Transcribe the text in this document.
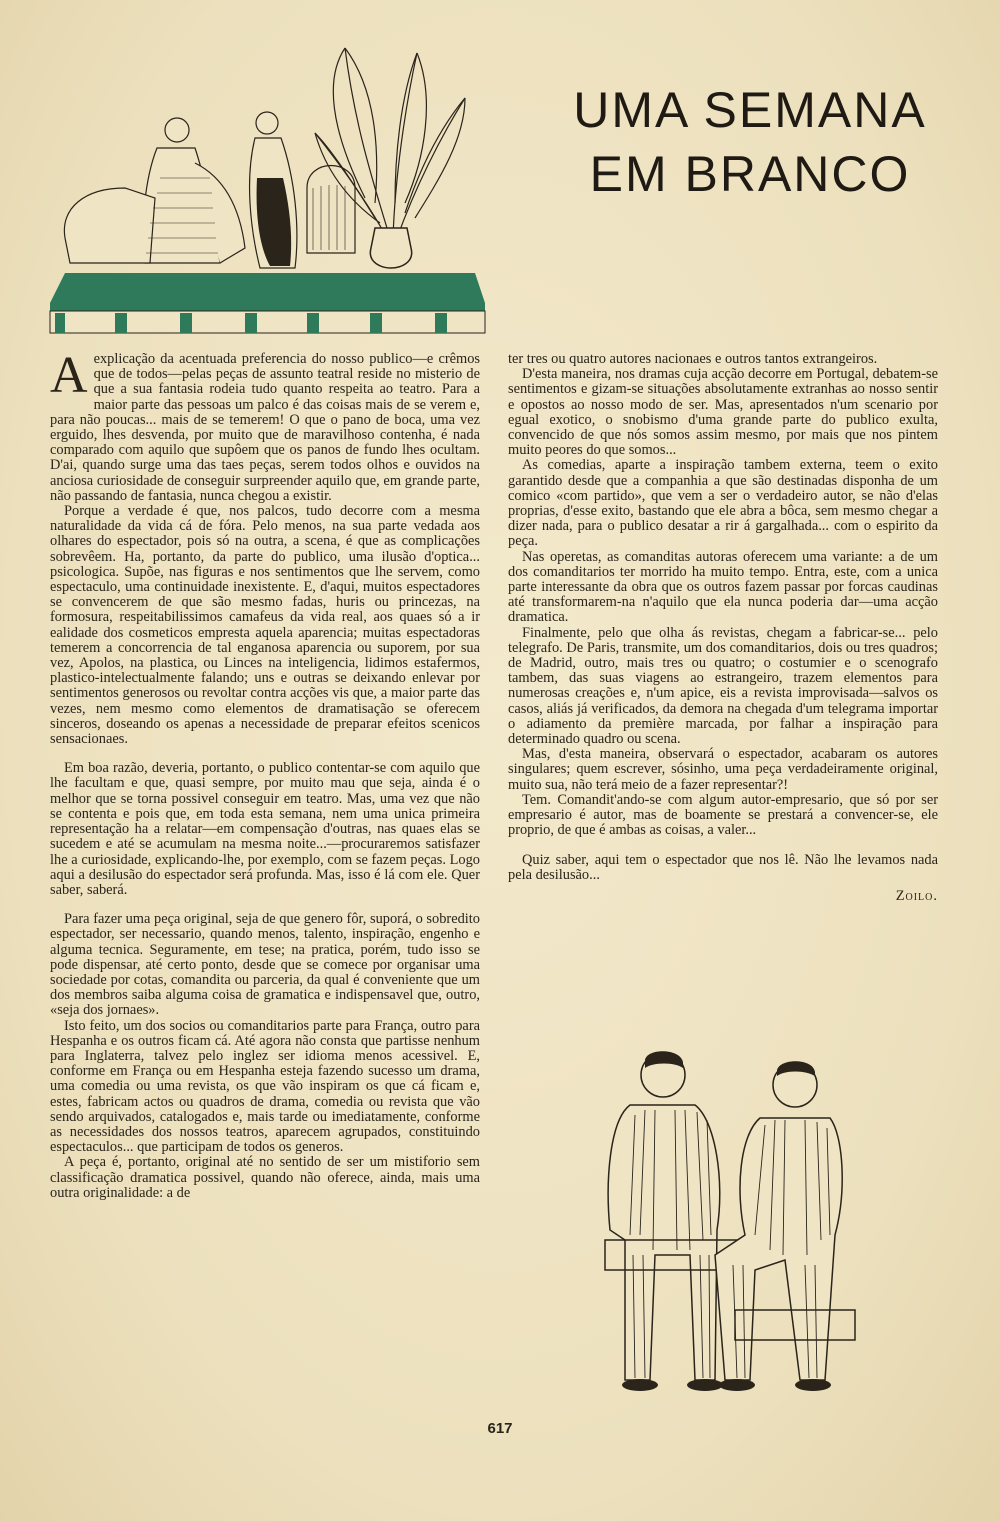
UMA SEMANA
EM BRANCO

Aexplicação da acentuada preferencia do nosso publico—e crêmos que de todos—pelas peças de assunto teatral reside no misterio de que a sua fantasia rodeia tudo quanto respeita ao teatro. Para a maior parte das pessoas um palco é das coisas mais de se verem e, para não poucas... mais de se temerem! O que o pano de boca, uma vez erguido, lhes desvenda, por muito que de maravilhoso contenha, é nada comparado com aquilo que supôem que os panos de fundo lhes ocultam. D'ai, quando surge uma das taes peças, serem todos olhos e ouvidos na anciosa curiosidade de conseguir surpreender aquilo que, em grande parte, não passando de fantasia, nunca chegou a existir.

Porque a verdade é que, nos palcos, tudo decorre com a mesma naturalidade da vida cá de fóra. Pelo menos, na sua parte vedada aos olhares do espectador, pois só na outra, a scena, é que as complicações sobrevêem. Ha, portanto, da parte do publico, uma ilusão d'optica... psicologica. Supõe, nas figuras e nos sentimentos que lhe servem, como espectaculo, uma continuidade inexistente. E, d'aqui, muitos espectadores se convencerem de que são mesmo fadas, huris ou princezas, na formosura, respeitabilissimos camafeus da vida real, aos quaes só a ir ealidade dos cosmeticos empresta aquela aparencia; muitas espectadoras temerem a concorrencia de tal enganosa aparencia ou suporem, por sua vez, Apolos, na plastica, ou Linces na inteligencia, lidimos estafermos, plastico-intelectualmente falando; uns e outras se deixando enlevar por sentimentos generosos ou revoltar contra acções vis que, a maior parte das vezes, nem mesmo como elementos de dramatisação se oferecem sinceros, doseando os apenas a necessidade de preparar efeitos scenicos sensacionaes.

Em boa razão, deveria, portanto, o publico contentar-se com aquilo que lhe facultam e que, quasi sempre, por muito mau que seja, ainda é o melhor que se torna possivel conseguir em teatro. Mas, uma vez que não se contenta e pois que, em toda esta semana, nem uma unica primeira representação ha a relatar—em compensação d'outras, nas quaes elas se sucedem e até se acumulam na mesma noite...—procuraremos satisfazer lhe a curiosidade, explicando-lhe, por exemplo, com se fazem peças. Logo aqui a desilusão do espectador será profunda. Mas, isso é lá com ele. Quer saber, saberá.

Para fazer uma peça original, seja de que genero fôr, suporá, o sobredito espectador, ser necessario, quando menos, talento, inspiração, engenho e alguma tecnica. Seguramente, em tese; na pratica, porém, tudo isso se pode dispensar, até certo ponto, desde que se comece por organisar uma sociedade por cotas, comandita ou parceria, da qual é conveniente que um dos membros saiba alguma coisa de gramatica e indispensavel que, outro, «seja dos jornaes».

Isto feito, um dos socios ou comanditarios parte para França, outro para Hespanha e os outros ficam cá. Até agora não consta que partisse nenhum para Inglaterra, talvez pelo inglez ser idioma menos acessivel. E, conforme em França ou em Hespanha esteja fazendo sucesso um drama, uma comedia ou uma revista, os que vão inspiram os que cá ficam e, estes, fabricam actos ou quadros de drama, comedia ou revista que vão sendo arquivados, catalogados e, mais tarde ou imediatamente, conforme as necessidades dos nossos teatros, aparecem agrupados, constituindo espectaculos... que participam de todos os generos.

A peça é, portanto, original até no sentido de ser um mistiforio sem classificação dramatica possivel, quando não oferece, ainda, mais uma outra originalidade: a de

ter tres ou quatro autores nacionaes e outros tantos extrangeiros.

D'esta maneira, nos dramas cuja acção decorre em Portugal, debatem-se sentimentos e gizam-se situações absolutamente extranhas ao nosso sentir e opostos ao nosso modo de ser. Mas, apresentados n'um scenario por egual exotico, o snobismo d'uma grande parte do publico exulta, convencido de que nós somos assim mesmo, por mais que nos pintem muito peores do que somos...

As comedias, aparte a inspiração tambem externa, teem o exito garantido desde que a companhia a que são destinadas disponha de um comico «com partido», que vem a ser o verdadeiro autor, se não d'elas proprias, d'esse exito, bastando que ele abra a bôca, sem mesmo chegar a dizer nada, para o publico desatar a rir á gargalhada... com o espirito da peça.

Nas operetas, as comanditas autoras oferecem uma variante: a de um dos comanditarios ter morrido ha muito tempo. Entra, este, com a unica parte interessante da obra que os outros fazem passar por forcas caudinas até transformarem-na n'aquilo que ela nunca poderia dar—uma acção dramatica.

Finalmente, pelo que olha ás revistas, chegam a fabricar-se... pelo telegrafo. De Paris, transmite, um dos comanditarios, dois ou tres quadros; de Madrid, outro, mais tres ou quatro; o costumier e o scenografo tambem, das suas viagens ao estrangeiro, trazem elementos para numerosas creações e, n'um apice, eis a revista improvisada—salvos os casos, aliás já verificados, da demora na chegada d'um telegrama importar o adiamento da première marcada, por falhar a inspiração para determinado quadro ou scena.

Mas, d'esta maneira, observará o espectador, acabaram os autores singulares; quem escrever, sósinho, uma peça verdadeiramente original, muito sua, não terá meio de a fazer representar?!

Tem. Comandit'ando-se com algum autor-empresario, que só por ser empresario é autor, mas de boamente se prestará a convencer-se, ele proprio, de que é ambas as coisas, a valer...

Quiz saber, aqui tem o espectador que nos lê. Não lhe levamos nada pela desilusão...

Zoilo.
617
